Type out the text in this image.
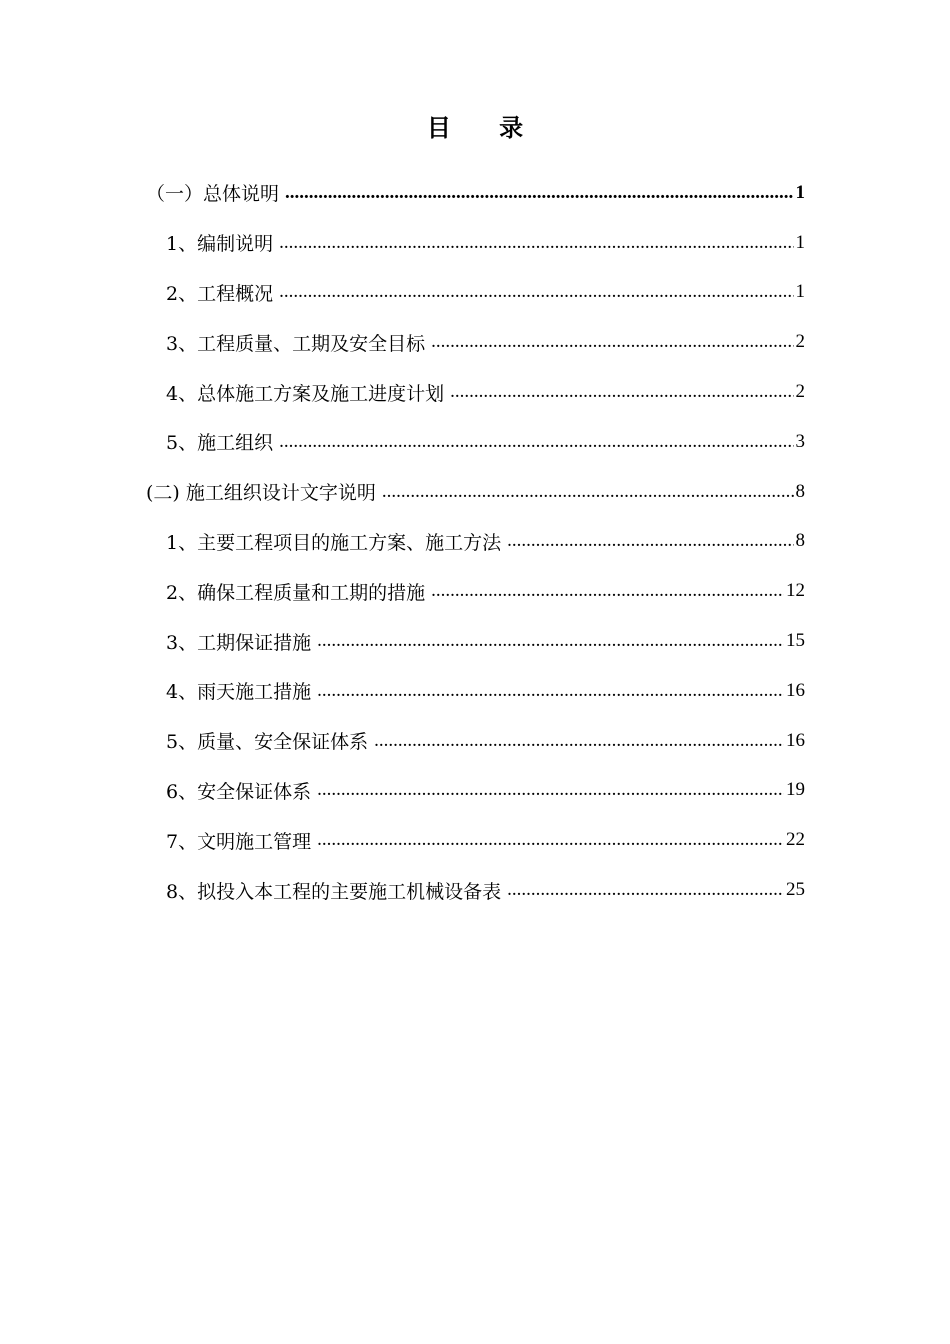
目 录
（一）总体说明 .....	1
1、编制说明 .....	1
2、工程概况 .....	1
3、工程质量、工期及安全目标 .....	2
4、总体施工方案及施工进度计划 .....	2
5、施工组织 .....	3
(二) 施工组织设计文字说明 .....	8
1、主要工程项目的施工方案、施工方法 .....	8
2、确保工程质量和工期的措施 .....	12
3、工期保证措施 .....	15
4、雨天施工措施 .....	16
5、质量、安全保证体系 .....	16
6、安全保证体系 .....	19
7、文明施工管理 .....	22
8、拟投入本工程的主要施工机械设备表 .....	25
